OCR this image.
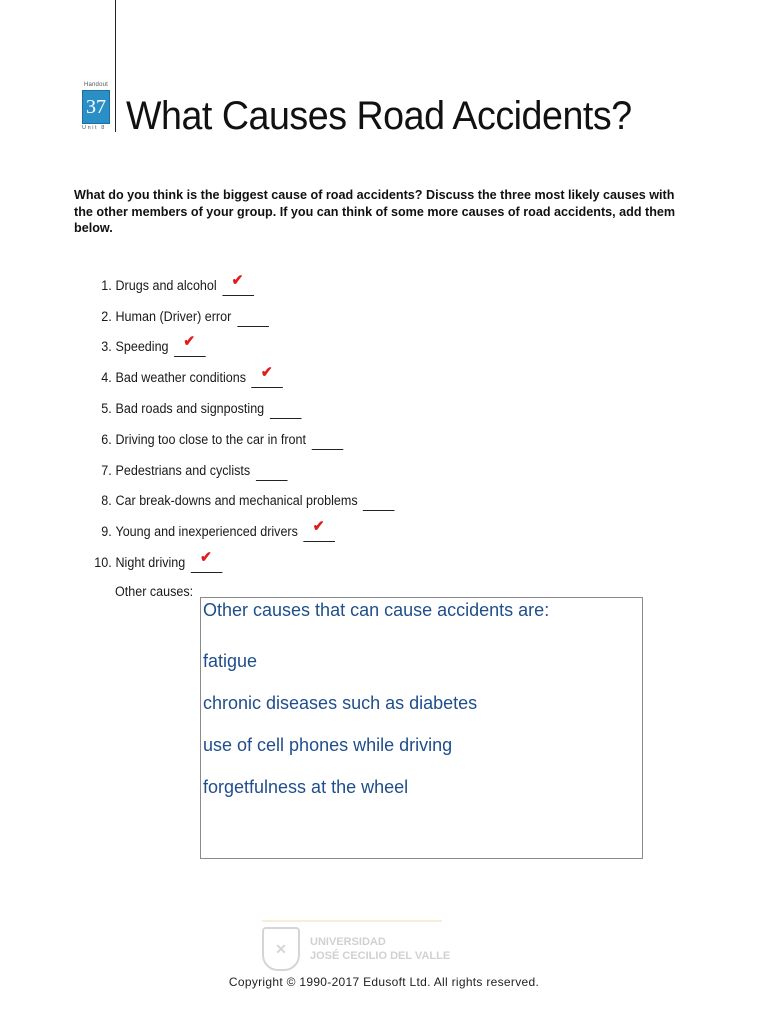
Handout
37
Unit 8 What Causes Road Accidents?

What do you think is the biggest cause of road accidents? Discuss the three most likely causes with the other members of your group. If you can think of some more causes of road accidents, add them below.

1. Drugs and alcohol ✔
2. Human (Driver) error
3. Speeding ✔
4. Bad weather conditions ✔
5. Bad roads and signposting
6. Driving too close to the car in front
7. Pedestrians and cyclists
8. Car break-downs and mechanical problems
9. Young and inexperienced drivers ✔
10. Night driving ✔
Other causes:

Other causes that can cause accidents are:

fatigue

chronic diseases such as diabetes

use of cell phones while driving

forgetfulness at the wheel

✕	UNIVERSIDAD
JOSÉ CECILIO DEL VALLE
Copyright © 1990-2017 Edusoft Ltd. All rights reserved.
